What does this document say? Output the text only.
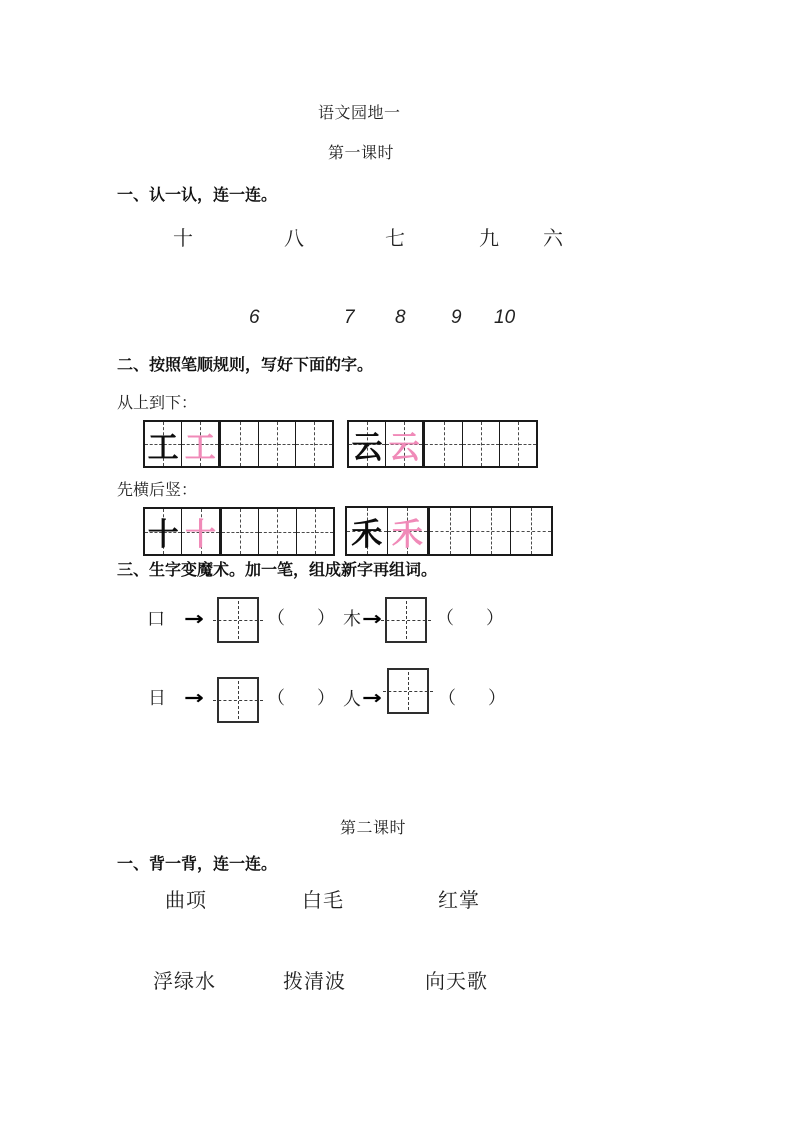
语文园地一
第一课时
一、认一认，连一连。
十	八	七	九 六
6	7 8 9 10
二、按照笔顺规则，写好下面的字。
从上到下：
工 工	云 云
先横后竖：
十 十	禾 禾
三、生字变魔术。加一笔，组成新字再组词。
口 →	（ ） 木 →	（ ）
日 →	（ ） 人 →	（ ）
第二课时
一、背一背，连一连。
曲项	白毛	红掌
浮绿水	拨清波	向天歌
